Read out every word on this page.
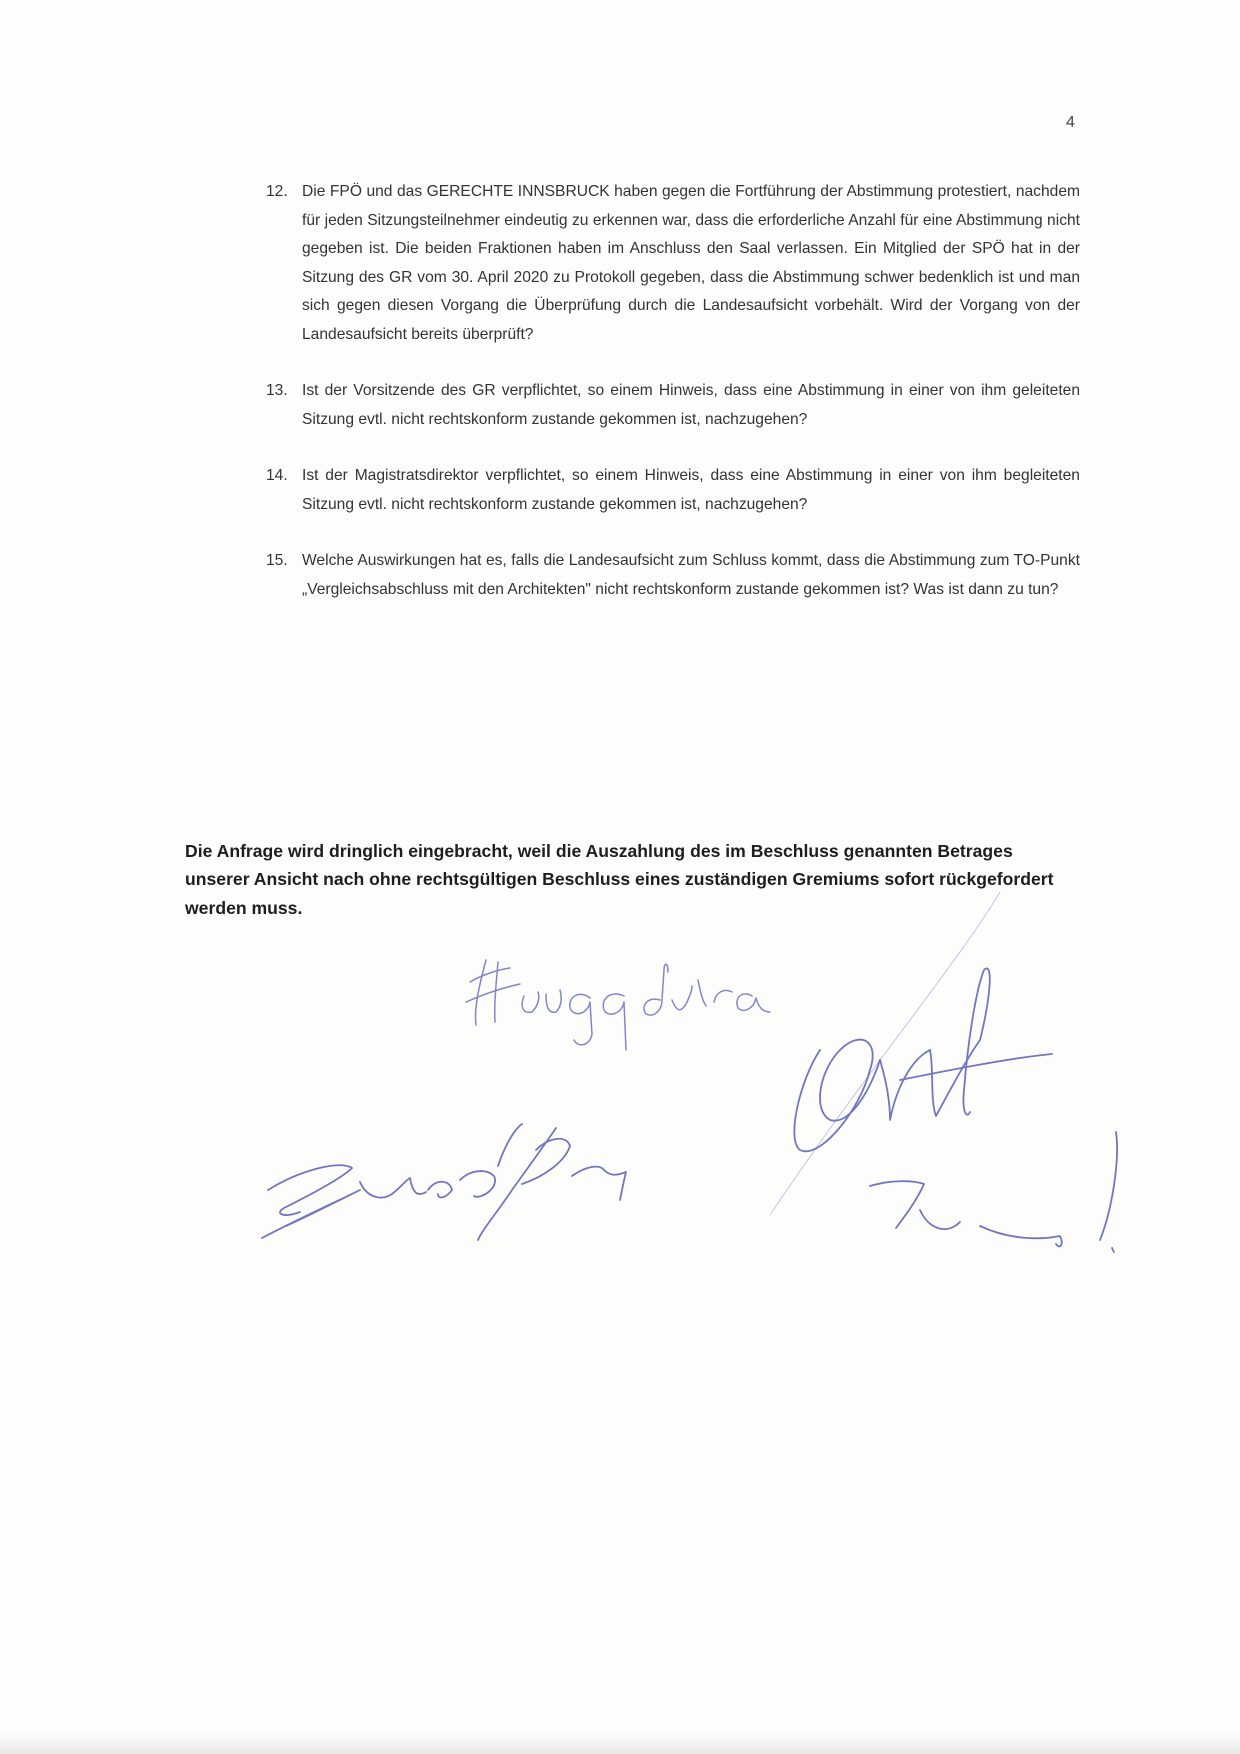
4
12. Die FPÖ und das GERECHTE INNSBRUCK haben gegen die Fortführung der Abstimmung protestiert, nachdem für jeden Sitzungsteilnehmer eindeutig zu erkennen war, dass die erforderliche Anzahl für eine Abstimmung nicht gegeben ist. Die beiden Fraktionen haben im Anschluss den Saal verlassen. Ein Mitglied der SPÖ hat in der Sitzung des GR vom 30. April 2020 zu Protokoll gegeben, dass die Abstimmung schwer bedenklich ist und man sich gegen diesen Vorgang die Überprüfung durch die Landesaufsicht vorbehält. Wird der Vorgang von der Landesaufsicht bereits überprüft?
13. Ist der Vorsitzende des GR verpflichtet, so einem Hinweis, dass eine Abstimmung in einer von ihm geleiteten Sitzung evtl. nicht rechtskonform zustande gekommen ist, nachzugehen?
14. Ist der Magistratsdirektor verpflichtet, so einem Hinweis, dass eine Abstimmung in einer von ihm begleiteten Sitzung evtl. nicht rechtskonform zustande gekommen ist, nachzugehen?
15. Welche Auswirkungen hat es, falls die Landesaufsicht zum Schluss kommt, dass die Abstimmung zum TO-Punkt „Vergleichsabschluss mit den Architekten" nicht rechtskonform zustande gekommen ist? Was ist dann zu tun?

Die Anfrage wird dringlich eingebracht, weil die Auszahlung des im Beschluss genannten Betrages unserer Ansicht nach ohne rechtsgültigen Beschluss eines zuständigen Gremiums sofort rückgefordert werden muss.
